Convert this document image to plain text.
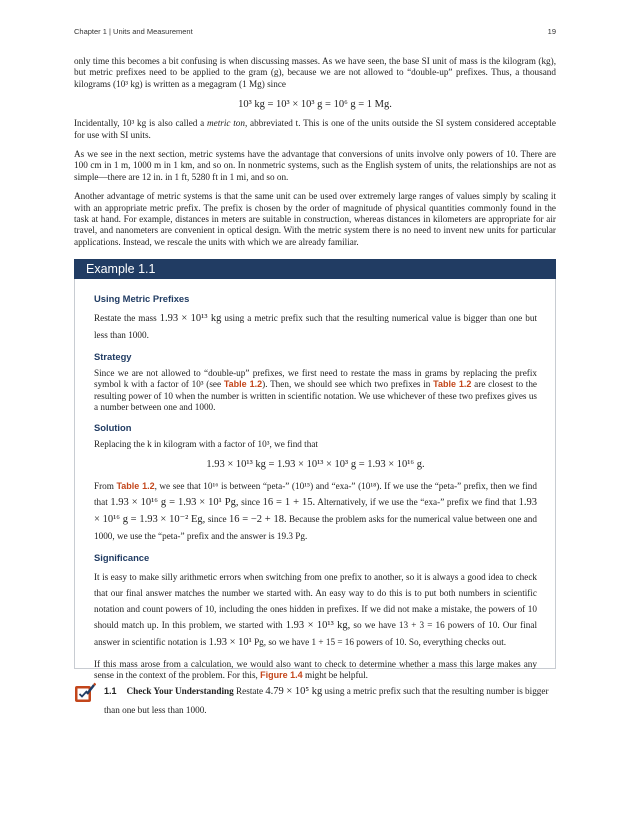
Chapter 1 | Units and Measurement	19

only time this becomes a bit confusing is when discussing masses. As we have seen, the base SI unit of mass is the kilogram (kg), but metric prefixes need to be applied to the gram (g), because we are not allowed to “double-up” prefixes. Thus, a thousand kilograms (10³ kg) is written as a megagram (1 Mg) since

10³ kg = 10³ × 10³ g = 10⁶ g = 1 Mg.

Incidentally, 10³ kg is also called a metric ton, abbreviated t. This is one of the units outside the SI system considered acceptable for use with SI units.

As we see in the next section, metric systems have the advantage that conversions of units involve only powers of 10. There are 100 cm in 1 m, 1000 m in 1 km, and so on. In nonmetric systems, such as the English system of units, the relationships are not as simple—there are 12 in. in 1 ft, 5280 ft in 1 mi, and so on.

Another advantage of metric systems is that the same unit can be used over extremely large ranges of values simply by scaling it with an appropriate metric prefix. The prefix is chosen by the order of magnitude of physical quantities commonly found in the task at hand. For example, distances in meters are suitable in construction, whereas distances in kilometers are appropriate for air travel, and nanometers are convenient in optical design. With the metric system there is no need to invent new units for particular applications. Instead, we rescale the units with which we are already familiar.

Example 1.1
Using Metric Prefixes

Restate the mass 1.93 × 10¹³ kg using a metric prefix such that the resulting numerical value is bigger than one but less than 1000.

Strategy

Since we are not allowed to “double-up” prefixes, we first need to restate the mass in grams by replacing the prefix symbol k with a factor of 10³ (see Table 1.2). Then, we should see which two prefixes in Table 1.2 are closest to the resulting power of 10 when the number is written in scientific notation. We use whichever of these two prefixes gives us a number between one and 1000.

Solution

Replacing the k in kilogram with a factor of 10³, we find that

1.93 × 10¹³ kg = 1.93 × 10¹³ × 10³ g = 1.93 × 10¹⁶ g.

From Table 1.2, we see that 10¹⁶ is between “peta-” (10¹⁵) and “exa-” (10¹⁸). If we use the “peta-” prefix, then we find that 1.93 × 10¹⁶ g = 1.93 × 10¹ Pg, since 16 = 1 + 15. Alternatively, if we use the “exa-” prefix we find that 1.93 × 10¹⁶ g = 1.93 × 10⁻² Eg, since 16 = −2 + 18. Because the problem asks for the numerical value between one and 1000, we use the “peta-” prefix and the answer is 19.3 Pg.

Significance

It is easy to make silly arithmetic errors when switching from one prefix to another, so it is always a good idea to check that our final answer matches the number we started with. An easy way to do this is to put both numbers in scientific notation and count powers of 10, including the ones hidden in prefixes. If we did not make a mistake, the powers of 10 should match up. In this problem, we started with 1.93 × 10¹³ kg, so we have 13 + 3 = 16 powers of 10. Our final answer in scientific notation is 1.93 × 10¹ Pg, so we have 1 + 15 = 16 powers of 10. So, everything checks out.

If this mass arose from a calculation, we would also want to check to determine whether a mass this large makes any sense in the context of the problem. For this, Figure 1.4 might be helpful.

1.1 Check Your Understanding Restate 4.79 × 10⁵ kg using a metric prefix such that the resulting number is bigger than one but less than 1000.
